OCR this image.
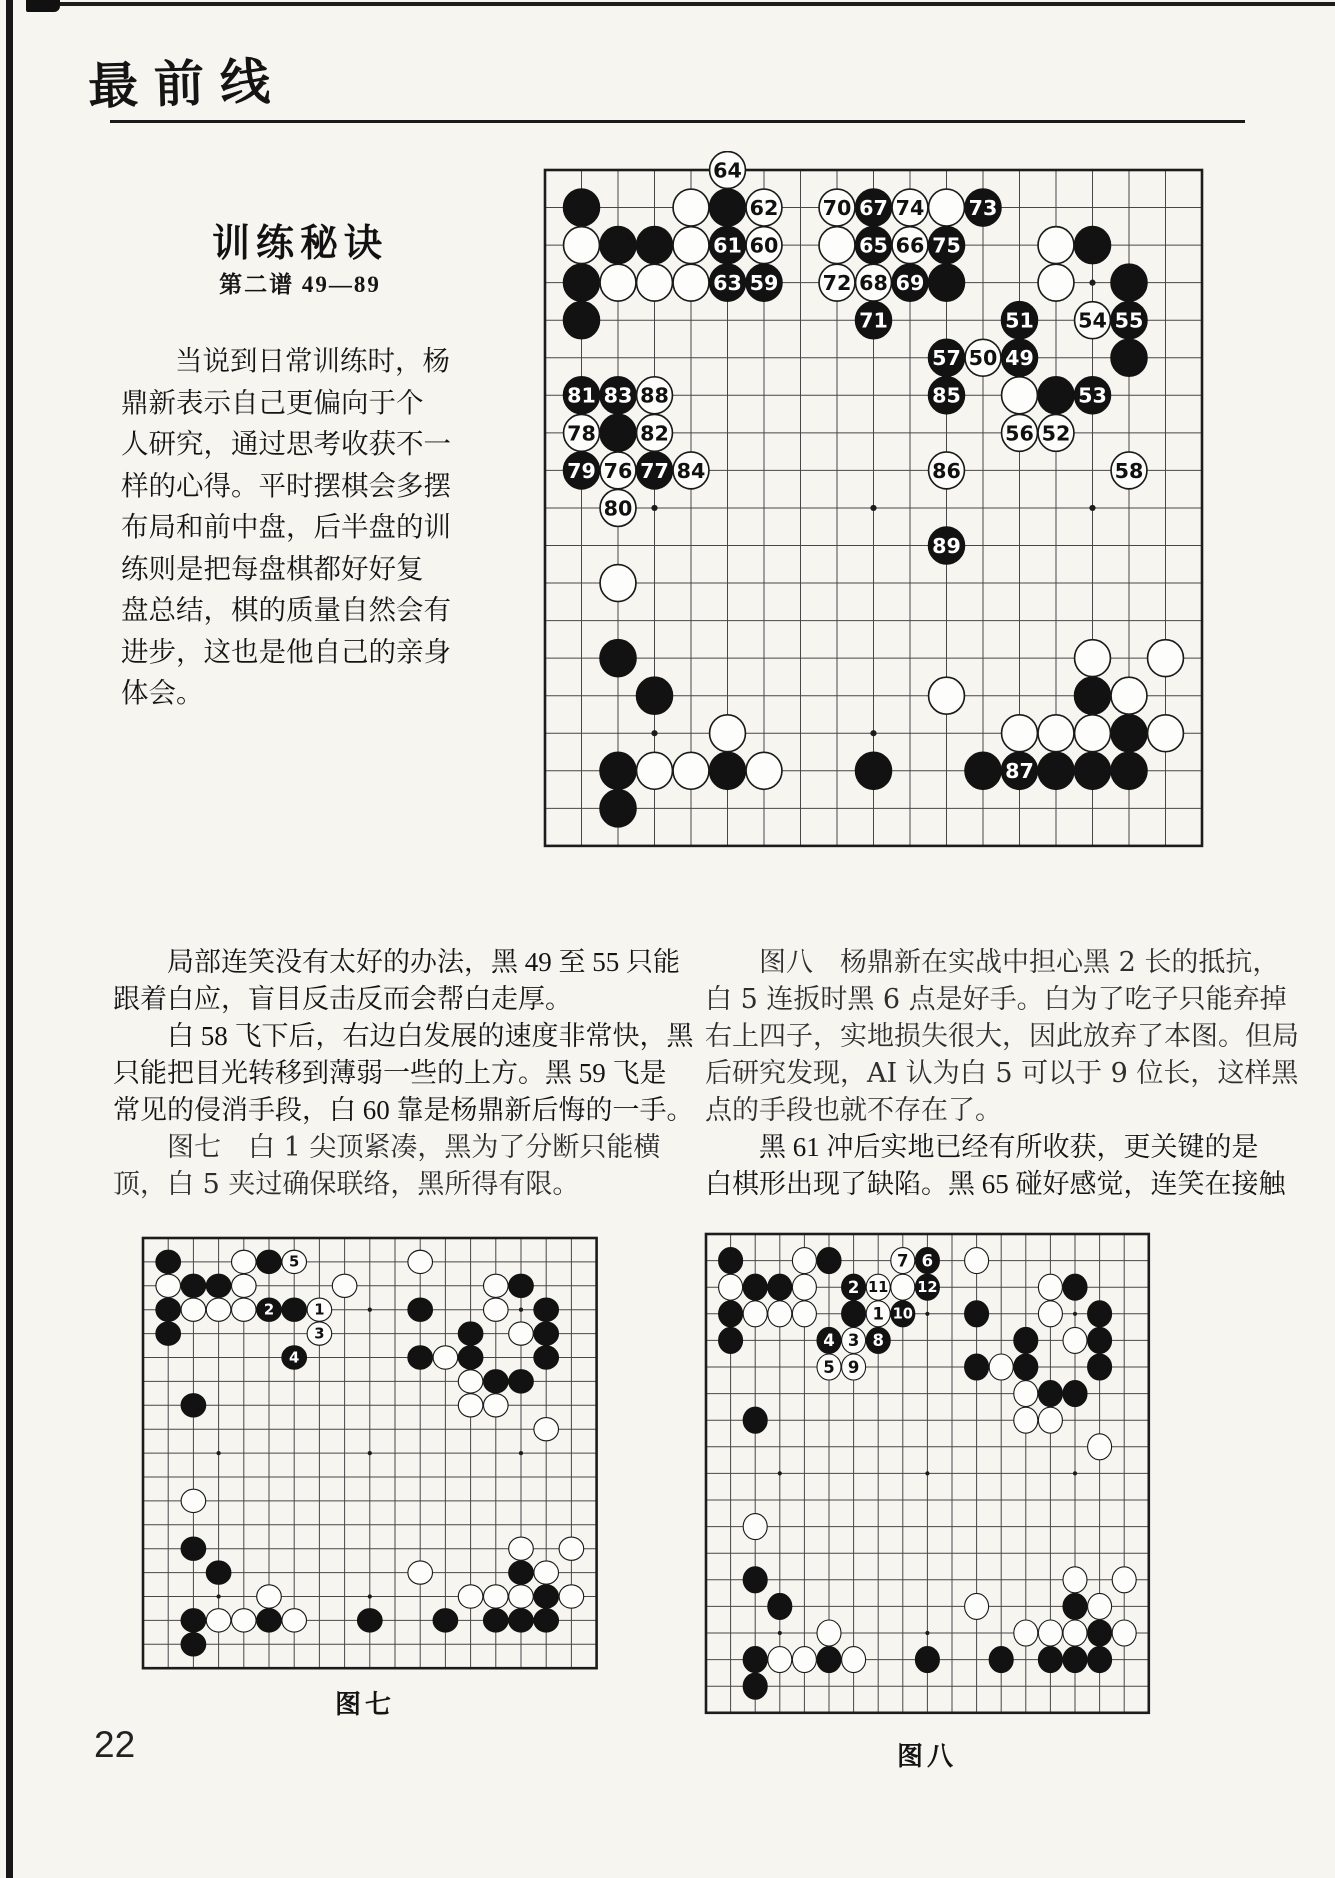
最前线
训练秘诀
第二谱 49—89
当说到日常训练时，杨
鼎新表示自己更偏向于个
人研究，通过思考收获不一
样的心得。平时摆棋会多摆
布局和前中盘，后半盘的训
练则是把每盘棋都好好复
盘总结，棋的质量自然会有
进步，这也是他自己的亲身
体会。
49
50
51
52
53
54 55
56
57
58
59
60
61
62
63
64
65 66
67
68 69
70
71
72
73
74
75
76 77
78
79
80
81
82
83
84
85
86
87
88
89
局部连笑没有太好的办法，黑 49 至 55 只能
跟着白应，盲目反击反而会帮白走厚。
白 58 飞下后，右边白发展的速度非常快，黑
只能把目光转移到薄弱一些的上方。黑 59 飞是
常见的侵消手段，白 60 靠是杨鼎新后悔的一手。
图七　白 1 尖顶紧凑，黑为了分断只能横
顶，白 5 夹过确保联络，黑所得有限。
图八　杨鼎新在实战中担心黑 2 长的抵抗，
白 5 连扳时黑 6 点是好手。白为了吃子只能弃掉
右上四子，实地损失很大，因此放弃了本图。但局
后研究发现，AI 认为白 5 可以于 9 位长，这样黑
点的手段也就不存在了。
黑 61 冲后实地已经有所收获，更关键的是
白棋形出现了缺陷。黑 65 碰好感觉，连笑在接触
1
2
3
4
5
1
2
3
4
5
6
7
8
9
10
11 12
图七
图八
22
